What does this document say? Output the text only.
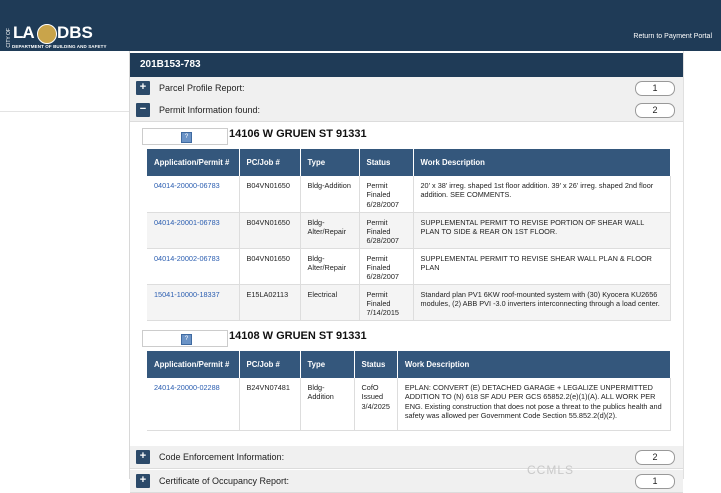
CITY OF LA DBS
DEPARTMENT OF BUILDING AND SAFETY
Return to Payment Portal
201B153-783
+	Parcel Profile Report:	1
−	Permit Information found:	2
?	14106 W GRUEN ST 91331
Application/Permit #	PC/Job #	Type	Status	Work Description
04014-20000-06783	B04VN01650	Bldg-Addition	Permit Finaled 6/28/2007	20' x 38' irreg. shaped 1st floor addition. 39' x 26' irreg. shaped 2nd floor addition. SEE COMMENTS.
04014-20001-06783	B04VN01650	Bldg-Alter/Repair	Permit Finaled 6/28/2007	SUPPLEMENTAL PERMIT TO REVISE PORTION OF SHEAR WALL PLAN TO SIDE & REAR ON 1ST FLOOR.
04014-20002-06783	B04VN01650	Bldg-Alter/Repair	Permit Finaled 6/28/2007	SUPPLEMENTAL PERMIT TO REVISE SHEAR WALL PLAN & FLOOR PLAN
15041-10000-18337	E15LA02113	Electrical	Permit Finaled 7/14/2015	Standard plan PV1 6KW roof-mounted system with (30) Kyocera KU2656 modules, (2) ABB PVI -3.0 inverters interconnecting through a load center.
?	14108 W GRUEN ST 91331
Application/Permit #	PC/Job #	Type	Status	Work Description
24014-20000-02288	B24VN07481	Bldg-Addition	CofO Issued 3/4/2025	EPLAN: CONVERT (E) DETACHED GARAGE + LEGALIZE UNPERMITTED ADDITION TO (N) 618 SF ADU PER GCS 65852.2(e)(1)(A). ALL WORK PER ENG. Existing construction that does not pose a threat to the publics health and safety was allowed per Government Code Section 55.852.2(d)(2).
+	Code Enforcement Information:	2
+	Certificate of Occupancy Report:	1
CCMLS
